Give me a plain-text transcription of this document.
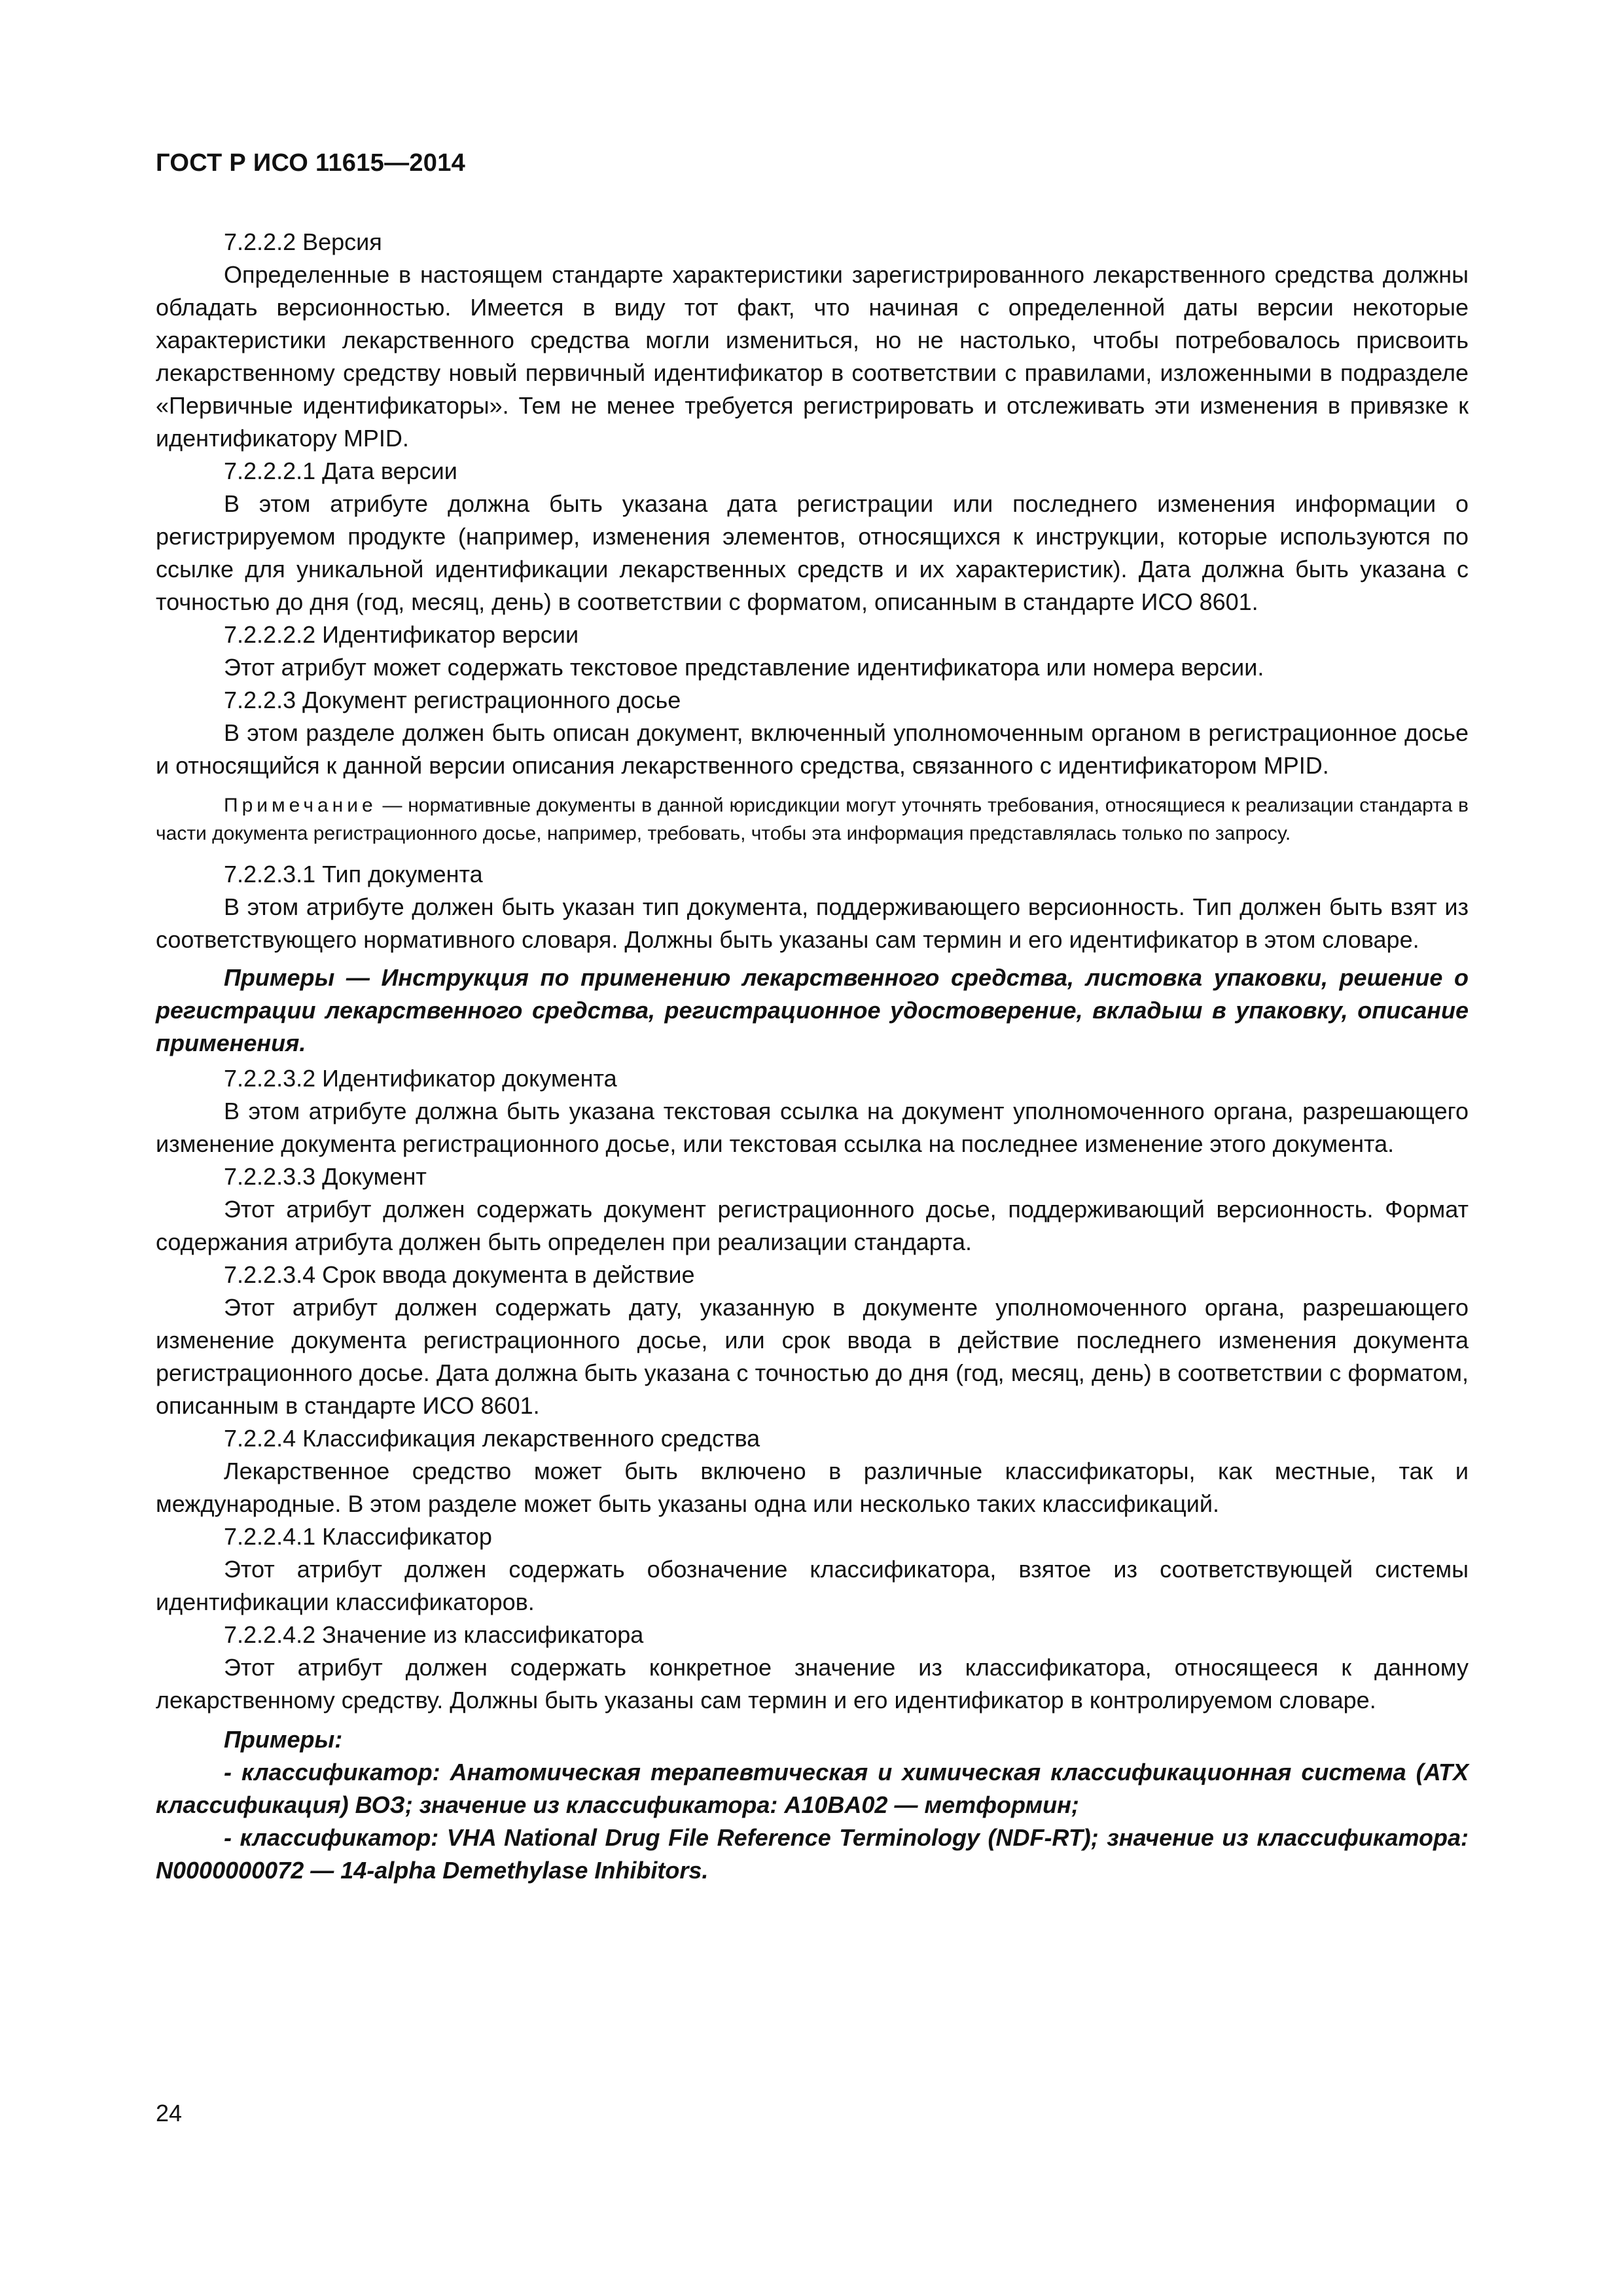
ГОСТ Р ИСО 11615—2014

7.2.2.2 Версия

Определенные в настоящем стандарте характеристики зарегистрированного лекарственного средства должны обладать версионностью. Имеется в виду тот факт, что начиная с определенной даты версии некоторые характеристики лекарственного средства могли измениться, но не настолько, чтобы потребовалось присвоить лекарственному средству новый первичный идентификатор в соответствии с правилами, изложенными в подразделе «Первичные идентификаторы». Тем не менее требуется регистрировать и отслеживать эти изменения в привязке к идентификатору MPID.

7.2.2.2.1 Дата версии

В этом атрибуте должна быть указана дата регистрации или последнего изменения информации о регистрируемом продукте (например, изменения элементов, относящихся к инструкции, которые используются по ссылке для уникальной идентификации лекарственных средств и их характеристик). Дата должна быть указана с точностью до дня (год, месяц, день) в соответствии с форматом, описанным в стандарте ИСО 8601.

7.2.2.2.2 Идентификатор версии

Этот атрибут может содержать текстовое представление идентификатора или номера версии.

7.2.2.3 Документ регистрационного досье

В этом разделе должен быть описан документ, включенный уполномоченным органом в регистрационное досье и относящийся к данной версии описания лекарственного средства, связанного с идентификатором MPID.

Примечание — нормативные документы в данной юрисдикции могут уточнять требования, относящиеся к реализации стандарта в части документа регистрационного досье, например, требовать, чтобы эта информация представлялась только по запросу.

7.2.2.3.1 Тип документа

В этом атрибуте должен быть указан тип документа, поддерживающего версионность. Тип должен быть взят из соответствующего нормативного словаря. Должны быть указаны сам термин и его идентификатор в этом словаре.

Примеры — Инструкция по применению лекарственного средства, листовка упаковки, решение о регистрации лекарственного средства, регистрационное удостоверение, вкладыш в упаковку, описание применения.

7.2.2.3.2 Идентификатор документа

В этом атрибуте должна быть указана текстовая ссылка на документ уполномоченного органа, разрешающего изменение документа регистрационного досье, или текстовая ссылка на последнее изменение этого документа.

7.2.2.3.3 Документ

Этот атрибут должен содержать документ регистрационного досье, поддерживающий версионность. Формат содержания атрибута должен быть определен при реализации стандарта.

7.2.2.3.4 Срок ввода документа в действие

Этот атрибут должен содержать дату, указанную в документе уполномоченного органа, разрешающего изменение документа регистрационного досье, или срок ввода в действие последнего изменения документа регистрационного досье. Дата должна быть указана с точностью до дня (год, месяц, день) в соответствии с форматом, описанным в стандарте ИСО 8601.

7.2.2.4 Классификация лекарственного средства

Лекарственное средство может быть включено в различные классификаторы, как местные, так и международные. В этом разделе может быть указаны одна или несколько таких классификаций.

7.2.2.4.1 Классификатор

Этот атрибут должен содержать обозначение классификатора, взятое из соответствующей системы идентификации классификаторов.

7.2.2.4.2 Значение из классификатора

Этот атрибут должен содержать конкретное значение из классификатора, относящееся к данному лекарственному средству. Должны быть указаны сам термин и его идентификатор в контролируемом словаре.

Примеры:

- классификатор: Анатомическая терапевтическая и химическая классификационная система (АТХ классификация) ВОЗ; значение из классификатора: A10BA02 — метформин;

- классификатор: VHA National Drug File Reference Terminology (NDF-RT); значение из классификатора: N0000000072 — 14-alpha Demethylase Inhibitors.

24
